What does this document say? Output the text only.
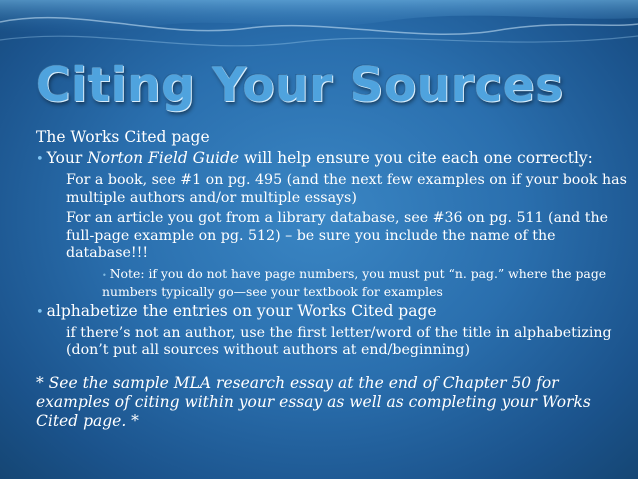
Citing Your Sources

The Works Cited page

• Your Norton Field Guide will help ensure you cite each one correctly:

For a book, see #1 on pg. 495 (and the next few examples on if your book has multiple authors and/or multiple essays)

For an article you got from a library database, see #36 on pg. 511 (and the full-page example on pg. 512) – be sure you include the name of the database!!!

• Note: if you do not have page numbers, you must put “n. pag.” where the page numbers typically go—see your textbook for examples

• alphabetize the entries on your Works Cited page

if there’s not an author, use the first letter/word of the title in alphabetizing (don’t put all sources without authors at end/beginning)

* See the sample MLA research essay at the end of Chapter 50 for examples of citing within your essay as well as completing your Works Cited page. *
